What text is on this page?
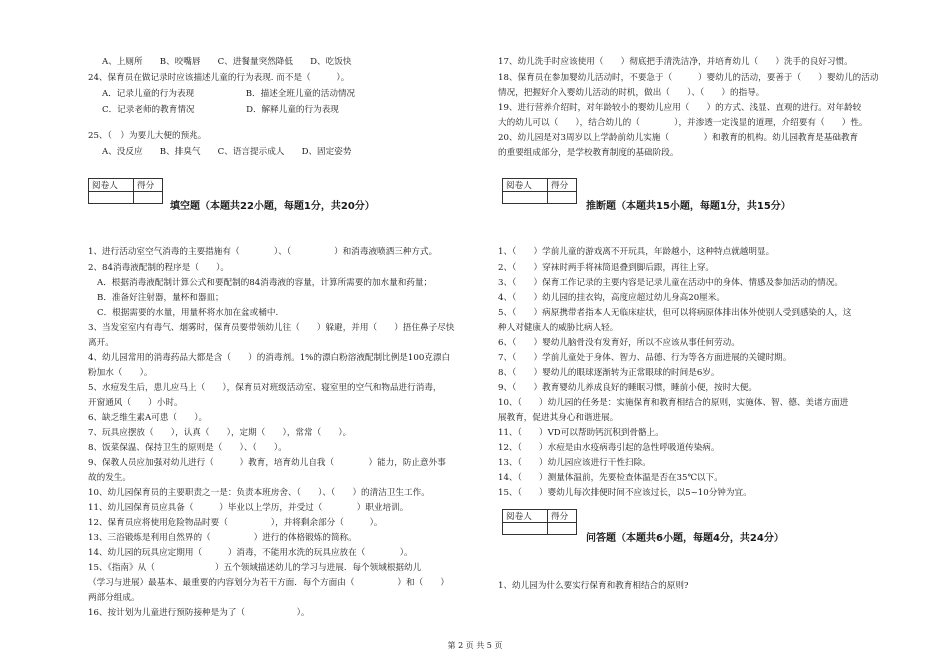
A、上厕所　　B、咬嘴唇　　C、进餐量突然降低　　D、吃饭快
24、保育员在做记录时应该描述儿童的行为表现. 而不是（　　　）。
A．记录儿童的行为表现　　　　　　B．描述全班儿童的活动情况
C．记录老师的教育情况　　　　　　D．解释儿童的行为表现
25、（　）为要儿大便的预兆。
A、没反应　　B、排臭气　　C、语言提示成人　　D、固定姿势
阅卷人	得分

填空题（本题共22小题，每题1分，共20分）
1、进行活动室空气消毒的主要措施有（　　　　）、（　　　　　）和消毒液喷洒三种方式。
2、84消毒液配制的程序是（　　）。
A．根据消毒液配制计算公式和要配制的84消毒液的容量，计算所需要的加水量和药量；
B．准备好注射器，量杯和器皿；
C．根据需要的水量，用量杯将水加在盆或桶中.
3、当发室室内有毒气、烟雾时，保育员要带领幼儿往（　　）躲避，并用（　　）捂住鼻子尽快
离开。
4、幼儿园常用的消毒药品大都是含（　　）的消毒剂。1%的漂白粉溶液配制比例是100克漂白
粉加水（　　）。
5、水痘发生后，患儿应马上（　　），保育员对班级活动室、寝室里的空气和物品进行消毒，
开窗通风（　　）小时。
6、缺乏维生素A可患（　　）。
7、玩具应摆放（　　），认真（　　），定期（　　），常常（　　）。
8、饭菜保温、保持卫生的原则是（　　）、（　　）。
9、保教人员应加强对幼儿进行（　　　）教育，培育幼儿自我（　　　　）能力，防止意外事
故的发生。
10、幼儿园保育员的主要职责之一是：负责本班房舍、（　　）、（　　）的清洁卫生工作。
11、幼儿园保育员应具备（　　　）毕业以上学历，并受过（　　　　）职业培训。
12、保育员应将使用危险物品时要（　　　　　），并将剩余部分（　　　）。
13、三浴锻炼是利用自然界的（　　　　　）进行的体格锻炼的简称。
14、幼儿园的玩具应定期用（　　　）消毒，不能用水洗的玩具应放在（　　　　）。
15、《指南》从（　　　　　　　）五个领域描述幼儿的学习与进展．每个领域根据幼儿
（学习与进展）最基本、最重要的内容划分为若干方面．每个方面由（　　　　　）和（　　）
两部分组成。
16、按计划为儿童进行预防接种是为了（　　　　　　）。
17、幼儿洗手时应该使用（　　）彻底把手清洗洁净，并培育幼儿（　　）洗手的良好习惯。
18、保育员在参加婴幼儿活动时，不要急于（　　　）婴幼儿的活动，要善于（　　）婴幼儿的活动
情况，把握好介入婴幼儿活动的时机，做出（　　）、（　　）的指导。
19、进行营养介绍时，对年龄较小的婴幼儿应用（　　）的方式、浅显、直观的进行。对年龄较
大的幼儿可以（　　），结合幼儿的（　　　　），并渗透一定浅显的道理，介绍要有（　　）性。
20、幼儿园是对3周岁以上学龄前幼儿实施（　　　　）和教育的机构。幼儿园教育是基础教育
的重要组成部分，是学校教育制度的基础阶段。
阅卷人	得分

推断题（本题共15小题，每题1分，共15分）
1、（　　）学前儿童的游戏离不开玩具，年龄越小，这种特点就越明显。
2、（　　）穿袜时两手将袜筒退叠到脚后跟，再往上穿。
3、（　　）保育工作记录的主要内容是记录儿童在活动中的身体、情感及参加活动的情况。
4、（　　）幼儿园的挂衣钩，高度应超过幼儿身高20厘米。
5、（　　）病原携带者指本人无临床症状，但可以将病原体排出体外使别人受到感染的人，这
种人对健康人的威胁比病人轻。
6、（　　）婴幼儿脑骨没有发育好，所以不应该从事任何劳动。
7、（　　）学前儿童处于身体、智力、品德、行为等各方面进展的关键时期。
8、（　　）婴幼儿的眼球逐渐转为正常眼球的时间是6岁。
9、（　　）教育婴幼儿养成良好的睡眠习惯，睡前小便，按时大便。
10、（　　）幼儿园的任务是：实施保育和教育相结合的原则，实施体、智、德、美诸方面进
展教育，促进其身心和谐进展。
11、（　　）VD可以帮助钙沉积到骨骼上。
12、（　　）水痘是由水疫病毒引起的急性呼吸道传染病。
13、（　　）幼儿园应该进行干性扫除。
14、（　　）测量体温前，先要检查体温是否在35℃以下。
15、（　　）婴幼儿每次排便时间不应该过长，以5~10分钟为宜。
阅卷人	得分

问答题（本题共6小题，每题4分，共24分）
1、幼儿园为什么要实行保育和教育相结合的原则?
第 2 页 共 5 页
